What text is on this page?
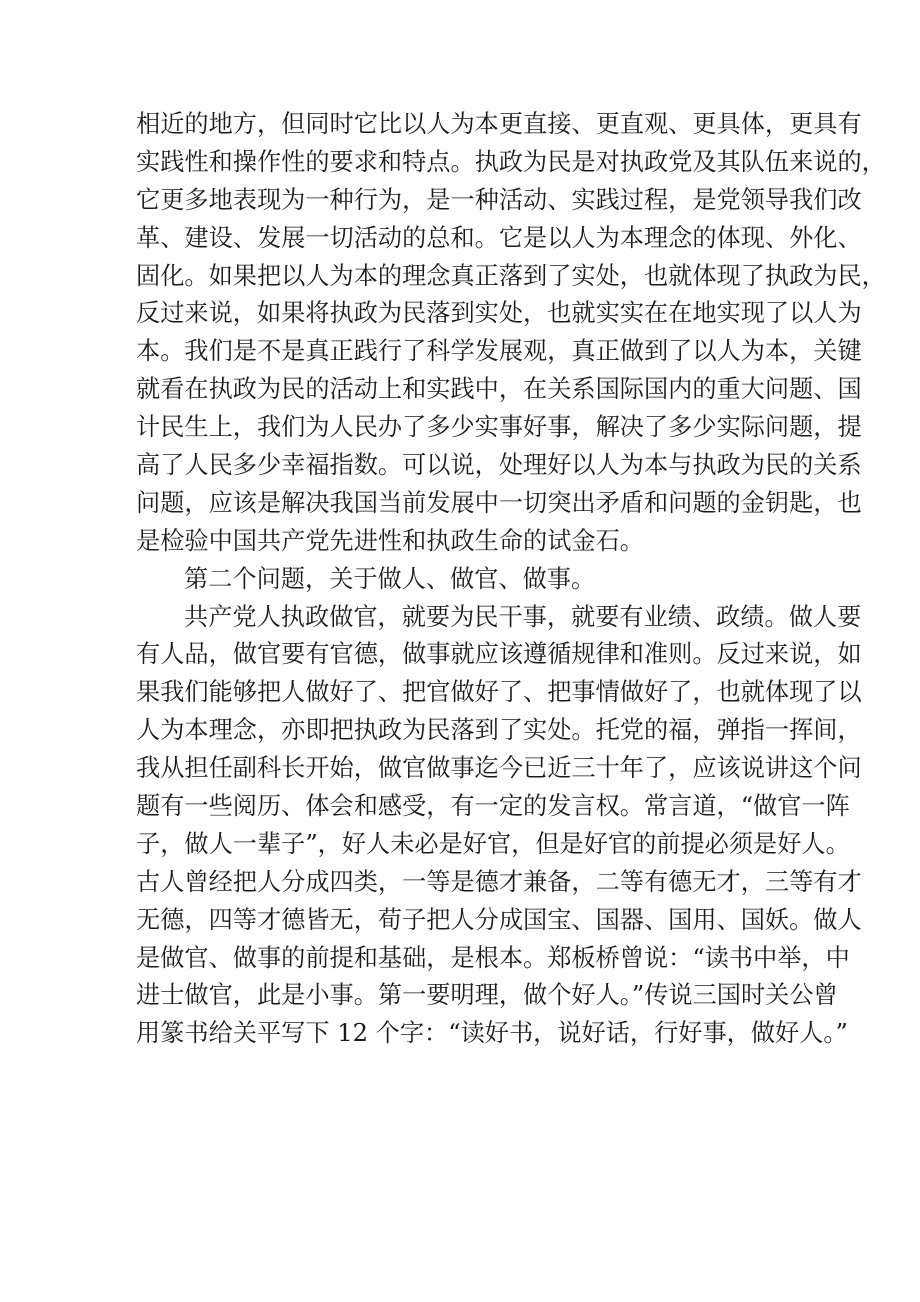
相近的地方，但同时它比以人为本更直接、更直观、更具体，更具有
实践性和操作性的要求和特点。执政为民是对执政党及其队伍来说的，
它更多地表现为一种行为，是一种活动、实践过程，是党领导我们改
革、建设、发展一切活动的总和。它是以人为本理念的体现、外化、
固化。如果把以人为本的理念真正落到了实处，也就体现了执政为民，
反过来说，如果将执政为民落到实处，也就实实在在地实现了以人为
本。我们是不是真正践行了科学发展观，真正做到了以人为本，关键
就看在执政为民的活动上和实践中，在关系国际国内的重大问题、国
计民生上，我们为人民办了多少实事好事，解决了多少实际问题，提
高了人民多少幸福指数。可以说，处理好以人为本与执政为民的关系
问题，应该是解决我国当前发展中一切突出矛盾和问题的金钥匙，也
是检验中国共产党先进性和执政生命的试金石。
第二个问题，关于做人、做官、做事。
共产党人执政做官，就要为民干事，就要有业绩、政绩。做人要
有人品，做官要有官德，做事就应该遵循规律和准则。反过来说，如
果我们能够把人做好了、把官做好了、把事情做好了，也就体现了以
人为本理念，亦即把执政为民落到了实处。托党的福，弹指一挥间，
我从担任副科长开始，做官做事迄今已近三十年了，应该说讲这个问
题有一些阅历、体会和感受，有一定的发言权。常言道，“做官一阵
子，做人一辈子”，好人未必是好官，但是好官的前提必须是好人。
古人曾经把人分成四类，一等是德才兼备，二等有德无才，三等有才
无德，四等才德皆无，荀子把人分成国宝、国器、国用、国妖。做人
是做官、做事的前提和基础，是根本。郑板桥曾说：“读书中举，中
进士做官，此是小事。第一要明理，做个好人。”传说三国时关公曾
用篆书给关平写下 12 个字：“读好书，说好话，行好事，做好人。”
